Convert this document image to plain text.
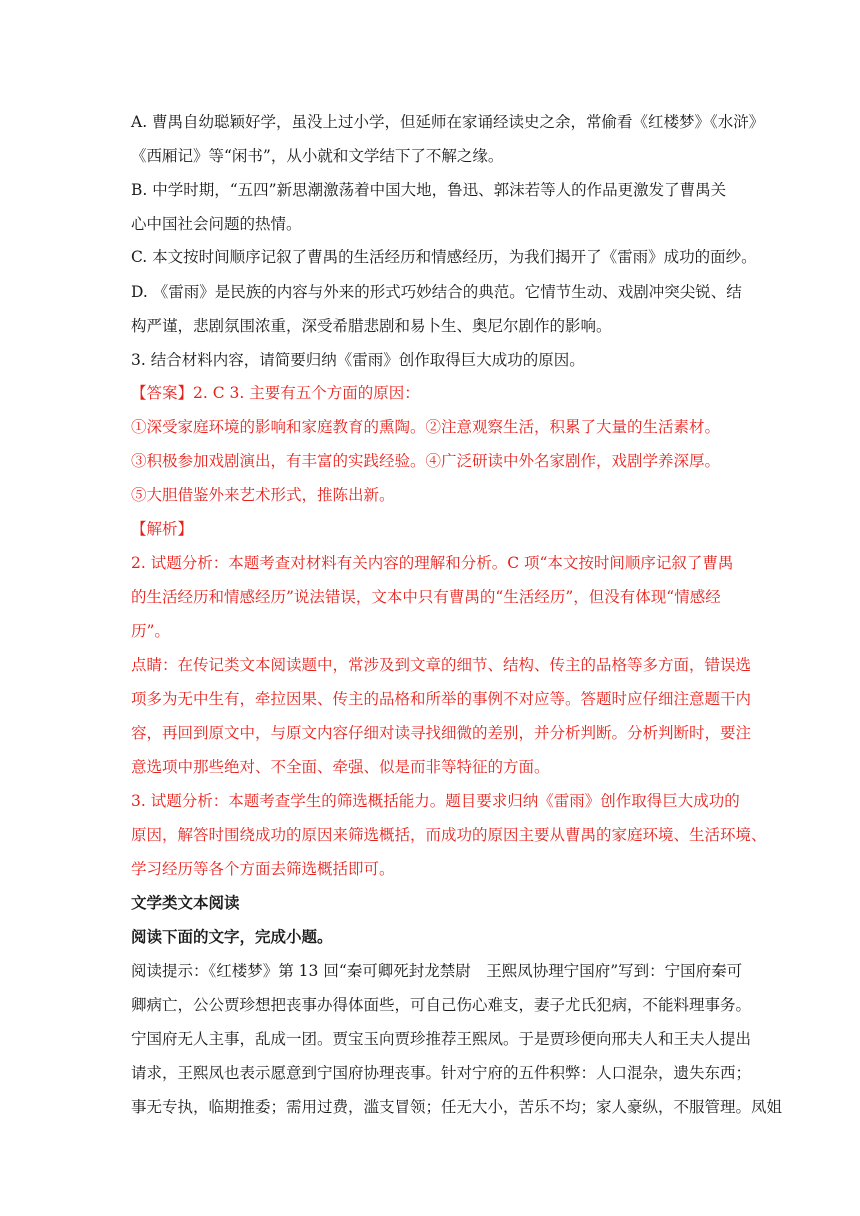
A. 曹禺自幼聪颖好学，虽没上过小学，但延师在家诵经读史之余，常偷看《红楼梦》《水浒》
《西厢记》等“闲书”，从小就和文学结下了不解之缘。
B. 中学时期，“五四”新思潮激荡着中国大地，鲁迅、郭沫若等人的作品更激发了曹禺关
心中国社会问题的热情。
C. 本文按时间顺序记叙了曹禺的生活经历和情感经历，为我们揭开了《雷雨》成功的面纱。
D. 《雷雨》是民族的内容与外来的形式巧妙结合的典范。它情节生动、戏剧冲突尖锐、结
构严谨，悲剧氛围浓重，深受希腊悲剧和易卜生、奥尼尔剧作的影响。
3. 结合材料内容，请简要归纳《雷雨》创作取得巨大成功的原因。
【答案】2. C 3. 主要有五个方面的原因：
①深受家庭环境的影响和家庭教育的熏陶。②注意观察生活，积累了大量的生活素材。
③积极参加戏剧演出，有丰富的实践经验。④广泛研读中外名家剧作，戏剧学养深厚。
⑤大胆借鉴外来艺术形式，推陈出新。
【解析】
2. 试题分析：本题考查对材料有关内容的理解和分析。C 项“本文按时间顺序记叙了曹禺
的生活经历和情感经历”说法错误，文本中只有曹禺的“生活经历”，但没有体现“情感经
历”。
点睛：在传记类文本阅读题中，常涉及到文章的细节、结构、传主的品格等多方面，错误选
项多为无中生有，牵拉因果、传主的品格和所举的事例不对应等。答题时应仔细注意题干内
容，再回到原文中，与原文内容仔细对读寻找细微的差别，并分析判断。分析判断时，要注
意选项中那些绝对、不全面、牵强、似是而非等特征的方面。
3. 试题分析：本题考查学生的筛选概括能力。题目要求归纳《雷雨》创作取得巨大成功的
原因，解答时围绕成功的原因来筛选概括，而成功的原因主要从曹禺的家庭环境、生活环境、
学习经历等各个方面去筛选概括即可。
文学类文本阅读
阅读下面的文字，完成小题。
阅读提示：《红楼梦》第 13 回“秦可卿死封龙禁尉　王熙凤协理宁国府”写到：宁国府秦可
卿病亡，公公贾珍想把丧事办得体面些，可自己伤心难支，妻子尤氏犯病，不能料理事务。
宁国府无人主事，乱成一团。贾宝玉向贾珍推荐王熙凤。于是贾珍便向邢夫人和王夫人提出
请求，王熙凤也表示愿意到宁国府协理丧事。针对宁府的五件积弊：人口混杂，遗失东西；
事无专执，临期推委；需用过费，滥支冒领；任无大小，苦乐不均；家人豪纵，不服管理。凤姐
